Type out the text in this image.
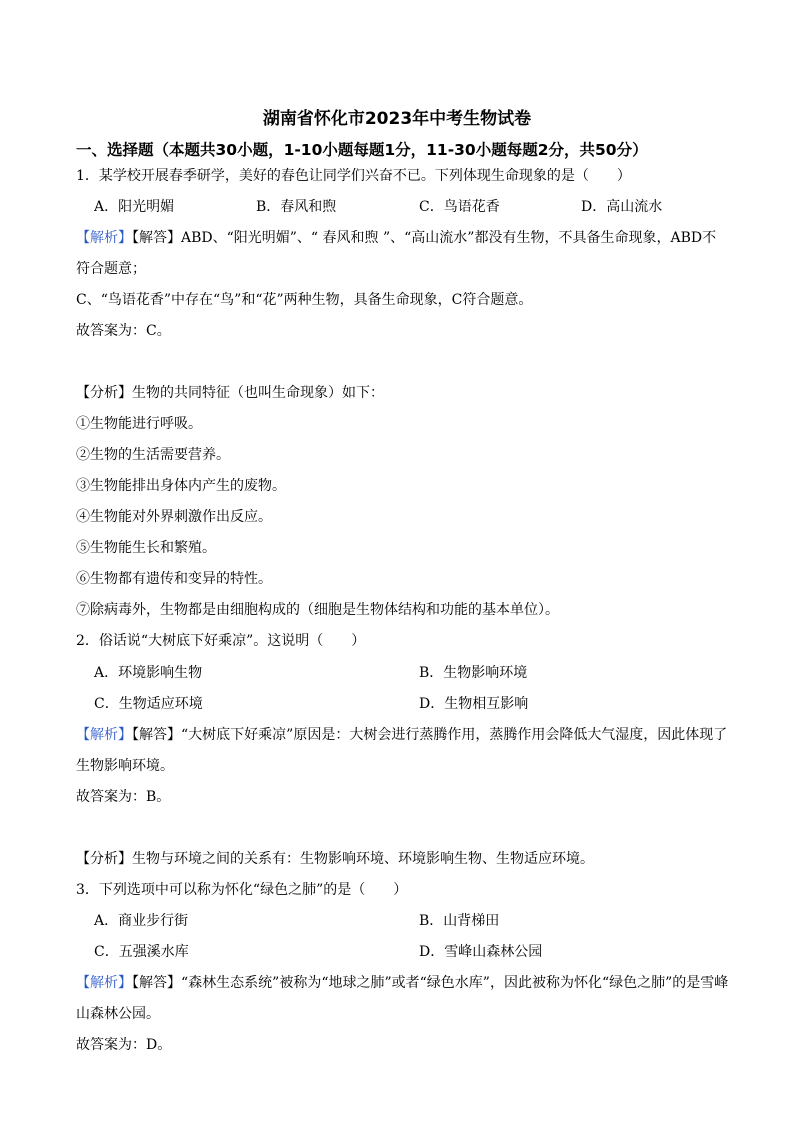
湖南省怀化市2023年中考生物试卷
一、选择题（本题共30小题，1-10小题每题1分，11-30小题每题2分，共50分）
1．某学校开展春季研学，美好的春色让同学们兴奋不已。下列体现生命现象的是（　　）
A．阳光明媚	B．春风和煦	C．鸟语花香	D．高山流水
【解析】【解答】ABD、“阳光明媚”、“ 春风和煦 ”、“高山流水”都没有生物，不具备生命现象，ABD不
符合题意；
C、“鸟语花香”中存在“鸟”和“花”两种生物，具备生命现象，C符合题意。
故答案为：C。
【分析】生物的共同特征（也叫生命现象）如下：
①生物能进行呼吸。
②生物的生活需要营养。
③生物能排出身体内产生的废物。
④生物能对外界刺激作出反应。
⑤生物能生长和繁殖。
⑥生物都有遗传和变异的特性。
⑦除病毒外，生物都是由细胞构成的（细胞是生物体结构和功能的基本单位）。
2．俗话说“大树底下好乘凉”。这说明（　　）
A．环境影响生物	B．生物影响环境
C．生物适应环境	D．生物相互影响
【解析】【解答】“大树底下好乘凉”原因是：大树会进行蒸腾作用，蒸腾作用会降低大气湿度，因此体现了
生物影响环境。
故答案为：B。
【分析】生物与环境之间的关系有：生物影响环境、环境影响生物、生物适应环境。
3．下列选项中可以称为怀化“绿色之肺”的是（　　）
A．商业步行街	B．山背梯田
C．五强溪水库	D．雪峰山森林公园
【解析】【解答】“森林生态系统”被称为“地球之肺”或者“绿色水库”，因此被称为怀化“绿色之肺”的是雪峰
山森林公园。
故答案为：D。
